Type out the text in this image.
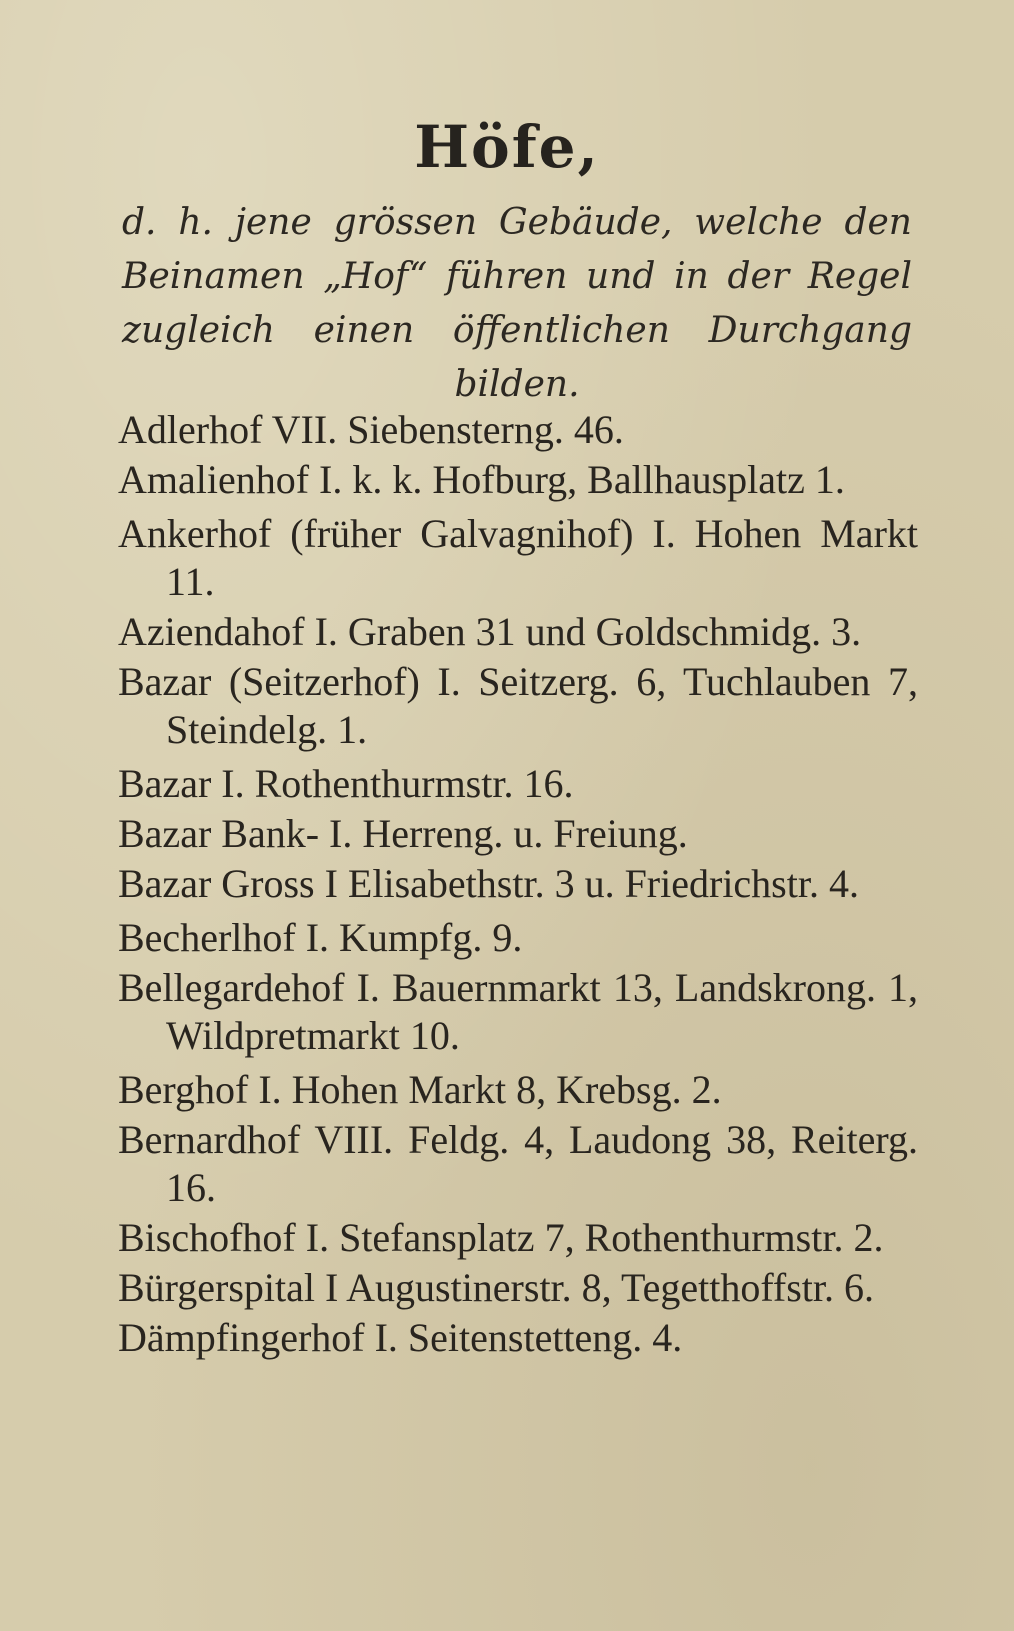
Höfe,

d. h. jene grössen Gebäude, welche den Beinamen „Hof“ führen und in der Regel zugleich einen öffentlichen Durchgang bilden.

Adlerhof VII. Siebensterng. 46.
Amalienhof I. k. k. Hofburg, Ballhausplatz 1.
Ankerhof (früher Galvagnihof) I. Hohen Markt 11.
Aziendahof I. Graben 31 und Goldschmidg. 3.
Bazar (Seitzerhof) I. Seitzerg. 6, Tuchlauben 7, Steindelg. 1.
Bazar I. Rothenthurmstr. 16.
Bazar Bank- I. Herreng. u. Freiung.
Bazar Gross I Elisabethstr. 3 u. Friedrichstr. 4.
Becherlhof I. Kumpfg. 9.
Bellegardehof I. Bauernmarkt 13, Landskrong. 1, Wildpretmarkt 10.
Berghof I. Hohen Markt 8, Krebsg. 2.
Bernardhof VIII. Feldg. 4, Laudong 38, Reiterg. 16.
Bischofhof I. Stefansplatz 7, Rothenthurmstr. 2.
Bürgerspital I Augustinerstr. 8, Tegetthoffstr. 6.
Dämpfingerhof I. Seitenstetteng. 4.
